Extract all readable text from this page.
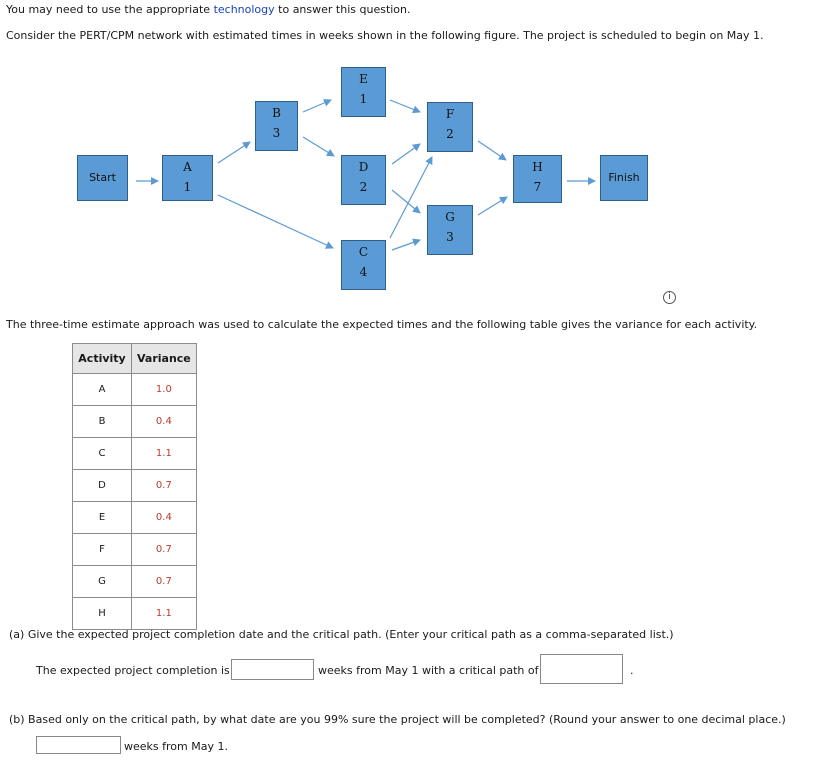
You may need to use the appropriate technology to answer this question.
Consider the PERT/CPM network with estimated times in weeks shown in the following figure. The project is scheduled to begin on May 1.
Start
A
1
B
3
E
1
D
2
C
4
F
2
G
3
H
7
Finish
i
The three-time estimate approach was used to calculate the expected times and the following table gives the variance for each activity.
Activity	Variance
A	1.0
B	0.4
C	1.1
D	0.7
E	0.4
F	0.7
G	0.7
H	1.1
(a) Give the expected project completion date and the critical path. (Enter your critical path as a comma-separated list.)
The expected project completion is	weeks from May 1 with a critical path of	.
(b) Based only on the critical path, by what date are you 99% sure the project will be completed? (Round your answer to one decimal place.)
weeks from May 1.
